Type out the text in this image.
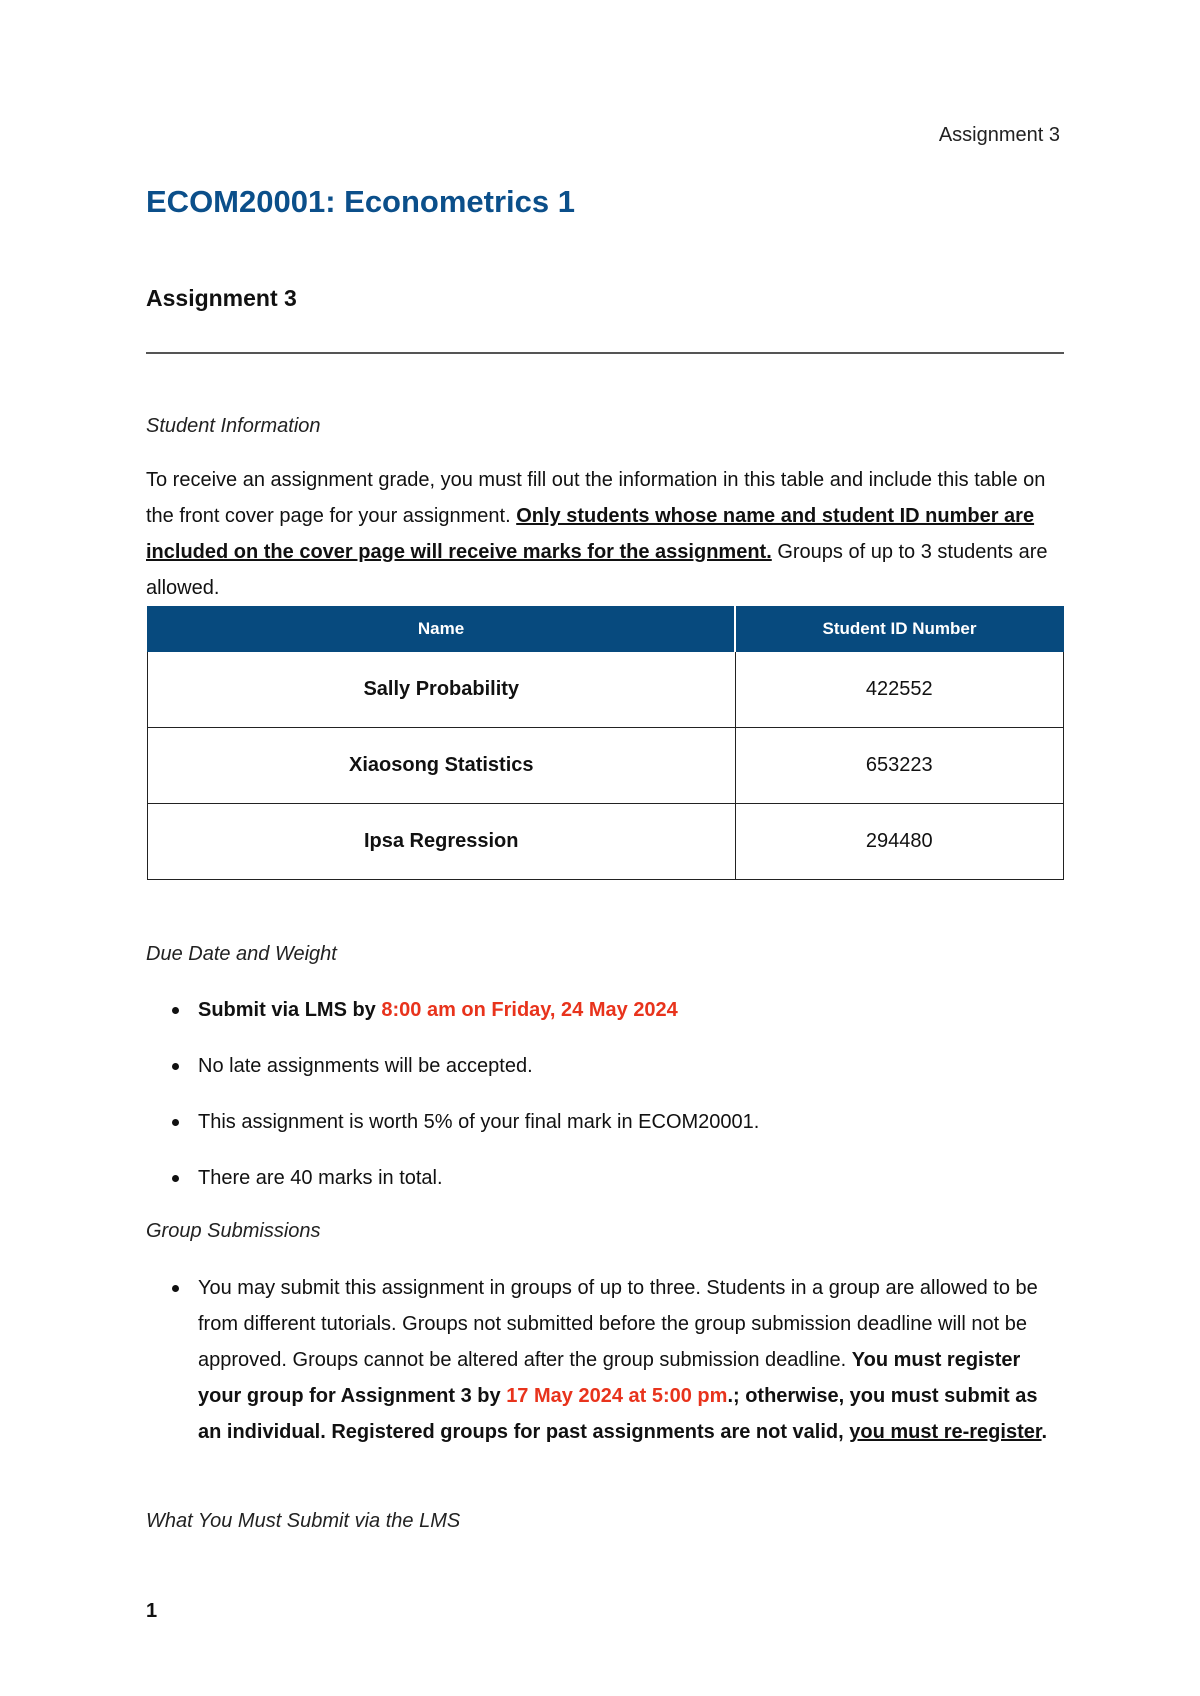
Assignment 3
ECOM20001: Econometrics 1
Assignment 3

Student Information

To receive an assignment grade, you must fill out the information in this table and include this table on the front cover page for your assignment. Only students whose name and student ID number are included on the cover page will receive marks for the assignment. Groups of up to 3 students are allowed.

Name	Student ID Number
Sally Probability	422552
Xiaosong Statistics	653223
Ipsa Regression	294480

Due Date and Weight

Submit via LMS by 8:00 am on Friday, 24 May 2024
No late assignments will be accepted.
This assignment is worth 5% of your final mark in ECOM20001.
There are 40 marks in total.

Group Submissions

You may submit this assignment in groups of up to three. Students in a group are allowed to be from different tutorials. Groups not submitted before the group submission deadline will not be approved. Groups cannot be altered after the group submission deadline. You must register your group for Assignment 3 by 17 May 2024 at 5:00 pm.; otherwise, you must submit as an individual. Registered groups for past assignments are not valid, you must re-register.

What You Must Submit via the LMS

1
